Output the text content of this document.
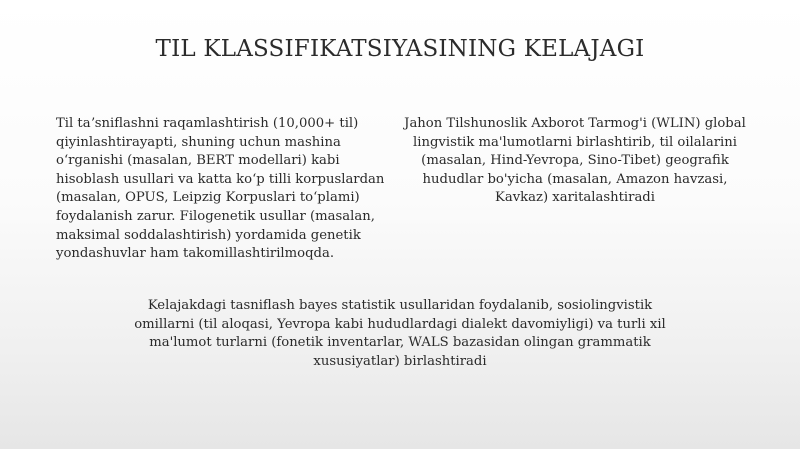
TIL KLASSIFIKATSIYASINING KELAJAGI

Til taʼsniflashni raqamlashtirish (10,000+ til) qiyinlashtirayapti, shuning uchun mashina oʻrganishi (masalan, BERT modellari) kabi hisoblash usullari va katta koʻp tilli korpuslardan (masalan, OPUS, Leipzig Korpuslari toʻplami) foydalanish zarur. Filogenetik usullar (masalan, maksimal soddalashtirish) yordamida genetik yondashuvlar ham takomillashtirilmoqda.

Jahon Tilshunoslik Axborot Tarmog'i (WLIN) global lingvistik ma'lumotlarni birlashtirib, til oilalarini (masalan, Hind-Yevropa, Sino-Tibet) geografik hududlar bo'yicha (masalan, Amazon havzasi, Kavkaz) xaritalashtiradi

Kelajakdagi tasniflash bayes statistik usullaridan foydalanib, sosiolingvistik omillarni (til aloqasi, Yevropa kabi hududlardagi dialekt davomiyligi) va turli xil ma'lumot turlarni (fonetik inventarlar, WALS bazasidan olingan grammatik xususiyatlar) birlashtiradi
